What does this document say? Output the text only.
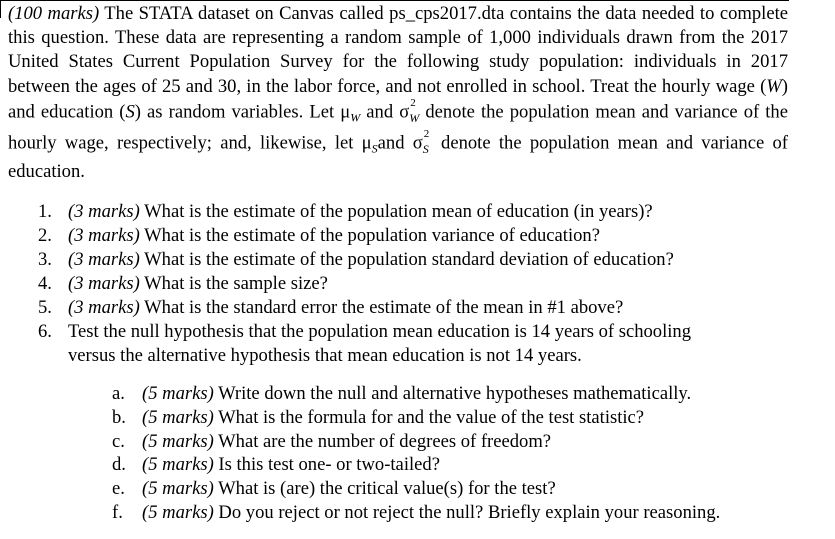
(100 marks) The STATA dataset on Canvas called ps_cps2017.dta contains the data needed to complete this question. These data are representing a random sample of 1,000 individuals drawn from the 2017 United States Current Population Survey for the following study population: individuals in 2017 between the ages of 25 and 30, in the labor force, and not enrolled in school. Treat the hourly wage (W) and education (S) as random variables. Let $\mu_W$ and σ 2
W denote the population mean and variance of the hourly wage, respectively; and, likewise, let $\mu_Sand$ σ 2
S denote the population mean and variance of education.

1. (3 marks) What is the estimate of the population mean of education (in years)?
2. (3 marks) What is the estimate of the population variance of education?
3. (3 marks) What is the estimate of the population standard deviation of education?
4. (3 marks) What is the sample size?
5. (3 marks) What is the standard error the estimate of the mean in #1 above?
6. Test the null hypothesis that the population mean education is 14 years of schooling versus the alternative hypothesis that mean education is not 14 years.
a. (5 marks) Write down the null and alternative hypotheses mathematically.
b. (5 marks) What is the formula for and the value of the test statistic?
c. (5 marks) What are the number of degrees of freedom?
d. (5 marks) Is this test one- or two-tailed?
e. (5 marks) What is (are) the critical value(s) for the test?
f. (5 marks) Do you reject or not reject the null? Briefly explain your reasoning.
